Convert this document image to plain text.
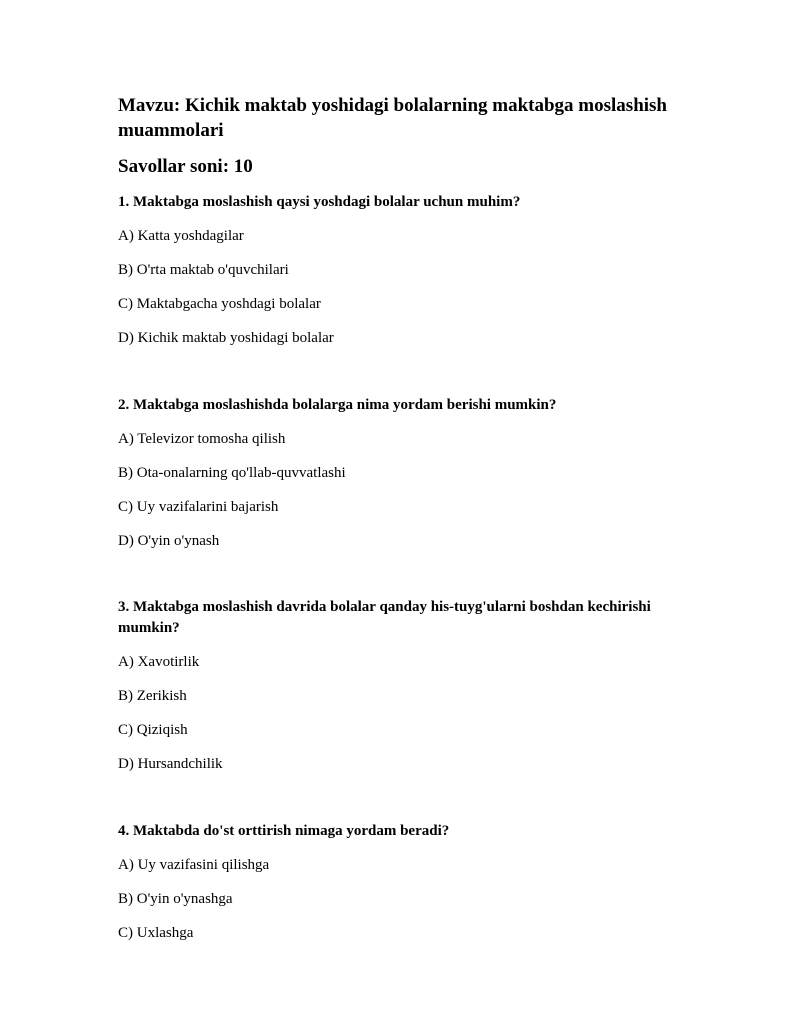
Mavzu: Kichik maktab yoshidagi bolalarning maktabga moslashish muammolari
Savollar soni: 10

1. Maktabga moslashish qaysi yoshdagi bolalar uchun muhim?

A) Katta yoshdagilar

B) O'rta maktab o'quvchilari

C) Maktabgacha yoshdagi bolalar

D) Kichik maktab yoshidagi bolalar

2. Maktabga moslashishda bolalarga nima yordam berishi mumkin?

A) Televizor tomosha qilish

B) Ota-onalarning qo'llab-quvvatlashi

C) Uy vazifalarini bajarish

D) O'yin o'ynash

3. Maktabga moslashish davrida bolalar qanday his-tuyg'ularni boshdan kechirishi mumkin?

A) Xavotirlik

B) Zerikish

C) Qiziqish

D) Hursandchilik

4. Maktabda do'st orttirish nimaga yordam beradi?

A) Uy vazifasini qilishga

B) O'yin o'ynashga

C) Uxlashga
